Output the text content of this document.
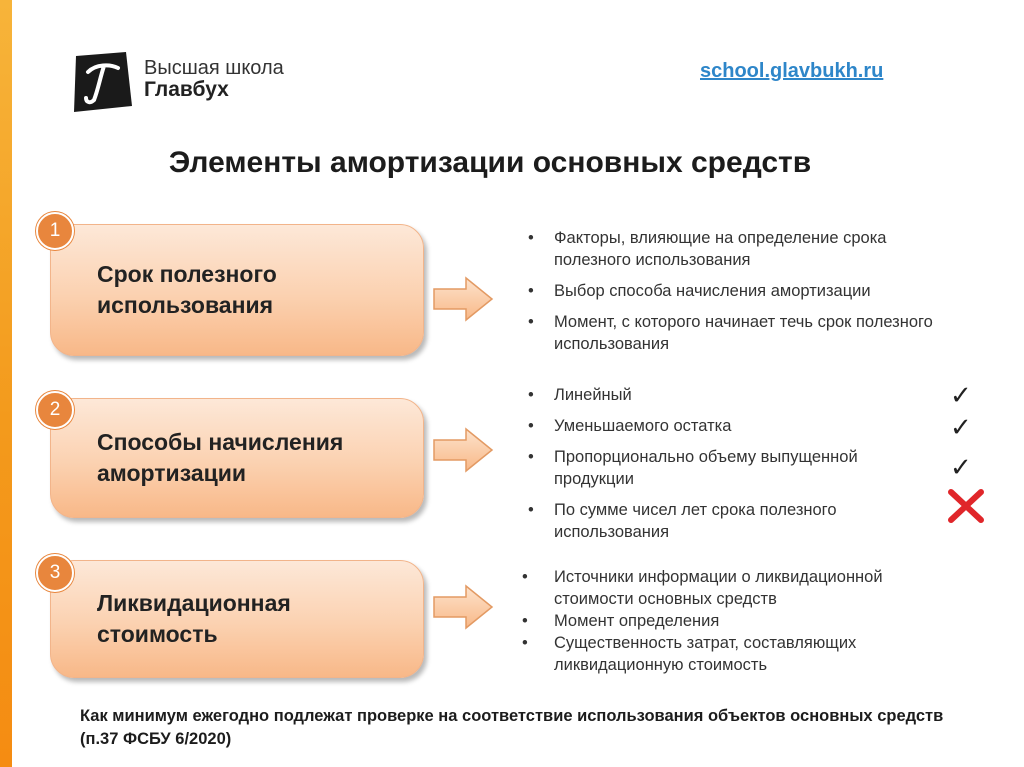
Высшая школа
Главбух
school.glavbukh.ru
Элементы амортизации основных средств
1
Срок полезного
использования
• Факторы, влияющие на определение срока полезного использования
• Выбор способа начисления амортизации
• Момент, с которого начинает течь срок полезного использования
2
Способы начисления
амортизации
• Линейный
• Уменьшаемого остатка
• Пропорционально объему выпущенной продукции
• По сумме чисел лет срока полезного использования
✓
✓
✓
3
Ликвидационная
стоимость
• Источники информации о ликвидационной стоимости основных средств
• Момент определения
• Существенность затрат, составляющих ликвидационную стоимость
Как минимум ежегодно подлежат проверке на соответствие использования объектов основных средств (п.37 ФСБУ 6/2020)
